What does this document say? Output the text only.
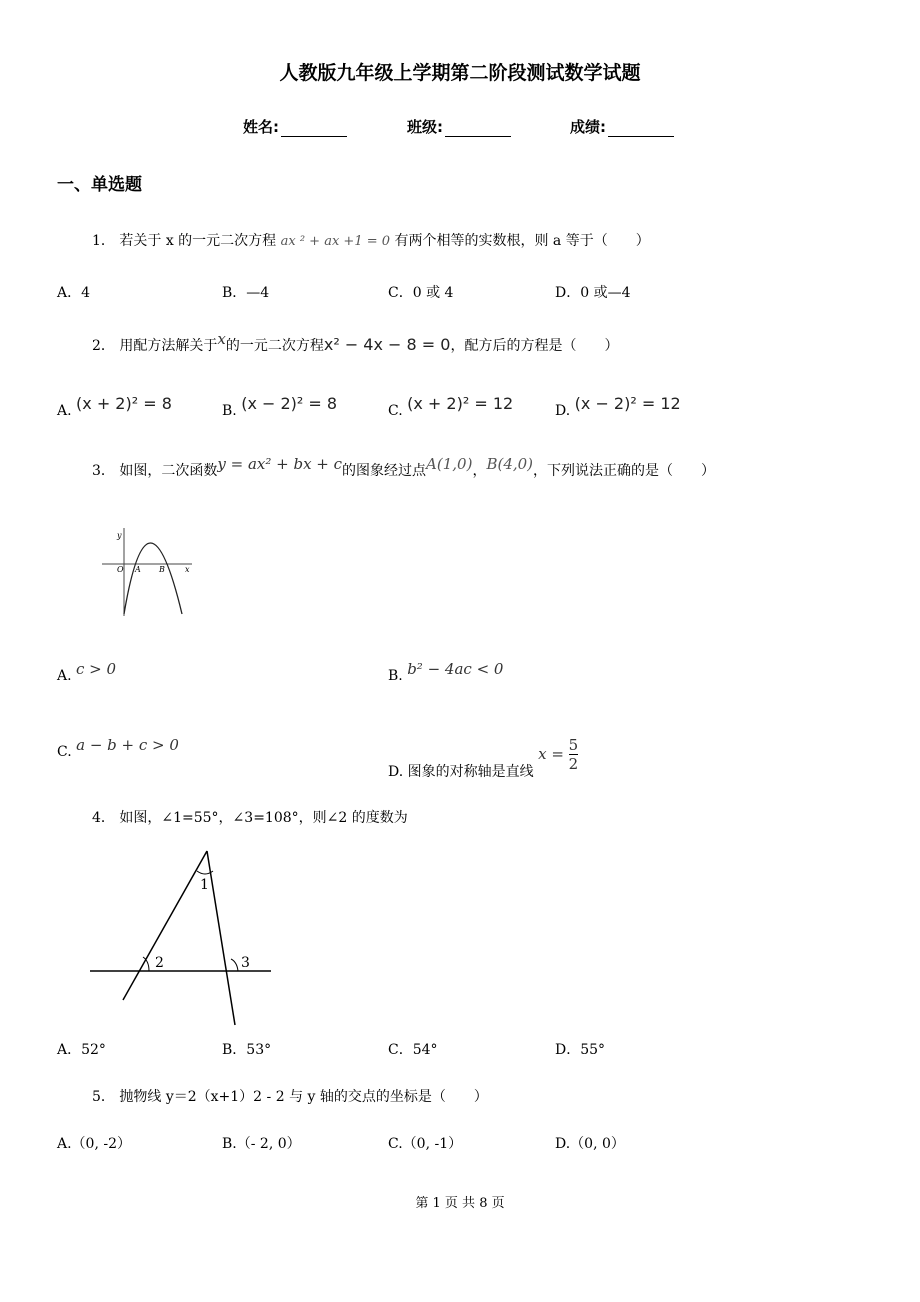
人教版九年级上学期第二阶段测试数学试题
姓名:	班级:	成绩:
一、单选题
1． 若关于 x 的一元二次方程 ax ² + ax +1 = 0 有两个相等的实数根，则 a 等于（　　）
A．4	B．—4	C．0 或 4	D．0 或—4
2． 用配方法解关于x的一元二次方程x² − 4x − 8 = 0，配方后的方程是（　　）
A. (x + 2)² = 8	B. (x − 2)² = 8	C. (x + 2)² = 12	D. (x − 2)² = 12
3． 如图，二次函数y = ax² + bx + c的图象经过点A(1,0)，B(4,0)，下列说法正确的是（　　）
y
O A B	x
A. c > 0	B. b² − 4ac < 0
C. a − b + c > 0
D. 图象的对称轴是直线 $x = \frac{5}{2}$
4． 如图，∠1=55°，∠3=108°，则∠2 的度数为
1
2	3
A．52°	B．53°	C．54°	D．55°
5． 抛物线 y＝2（x+1）2 - 2 与 y 轴的交点的坐标是（　　）
A.（0, -2）	B.（- 2, 0）	C.（0, -1）	D.（0, 0）
第 1 页 共 8 页
